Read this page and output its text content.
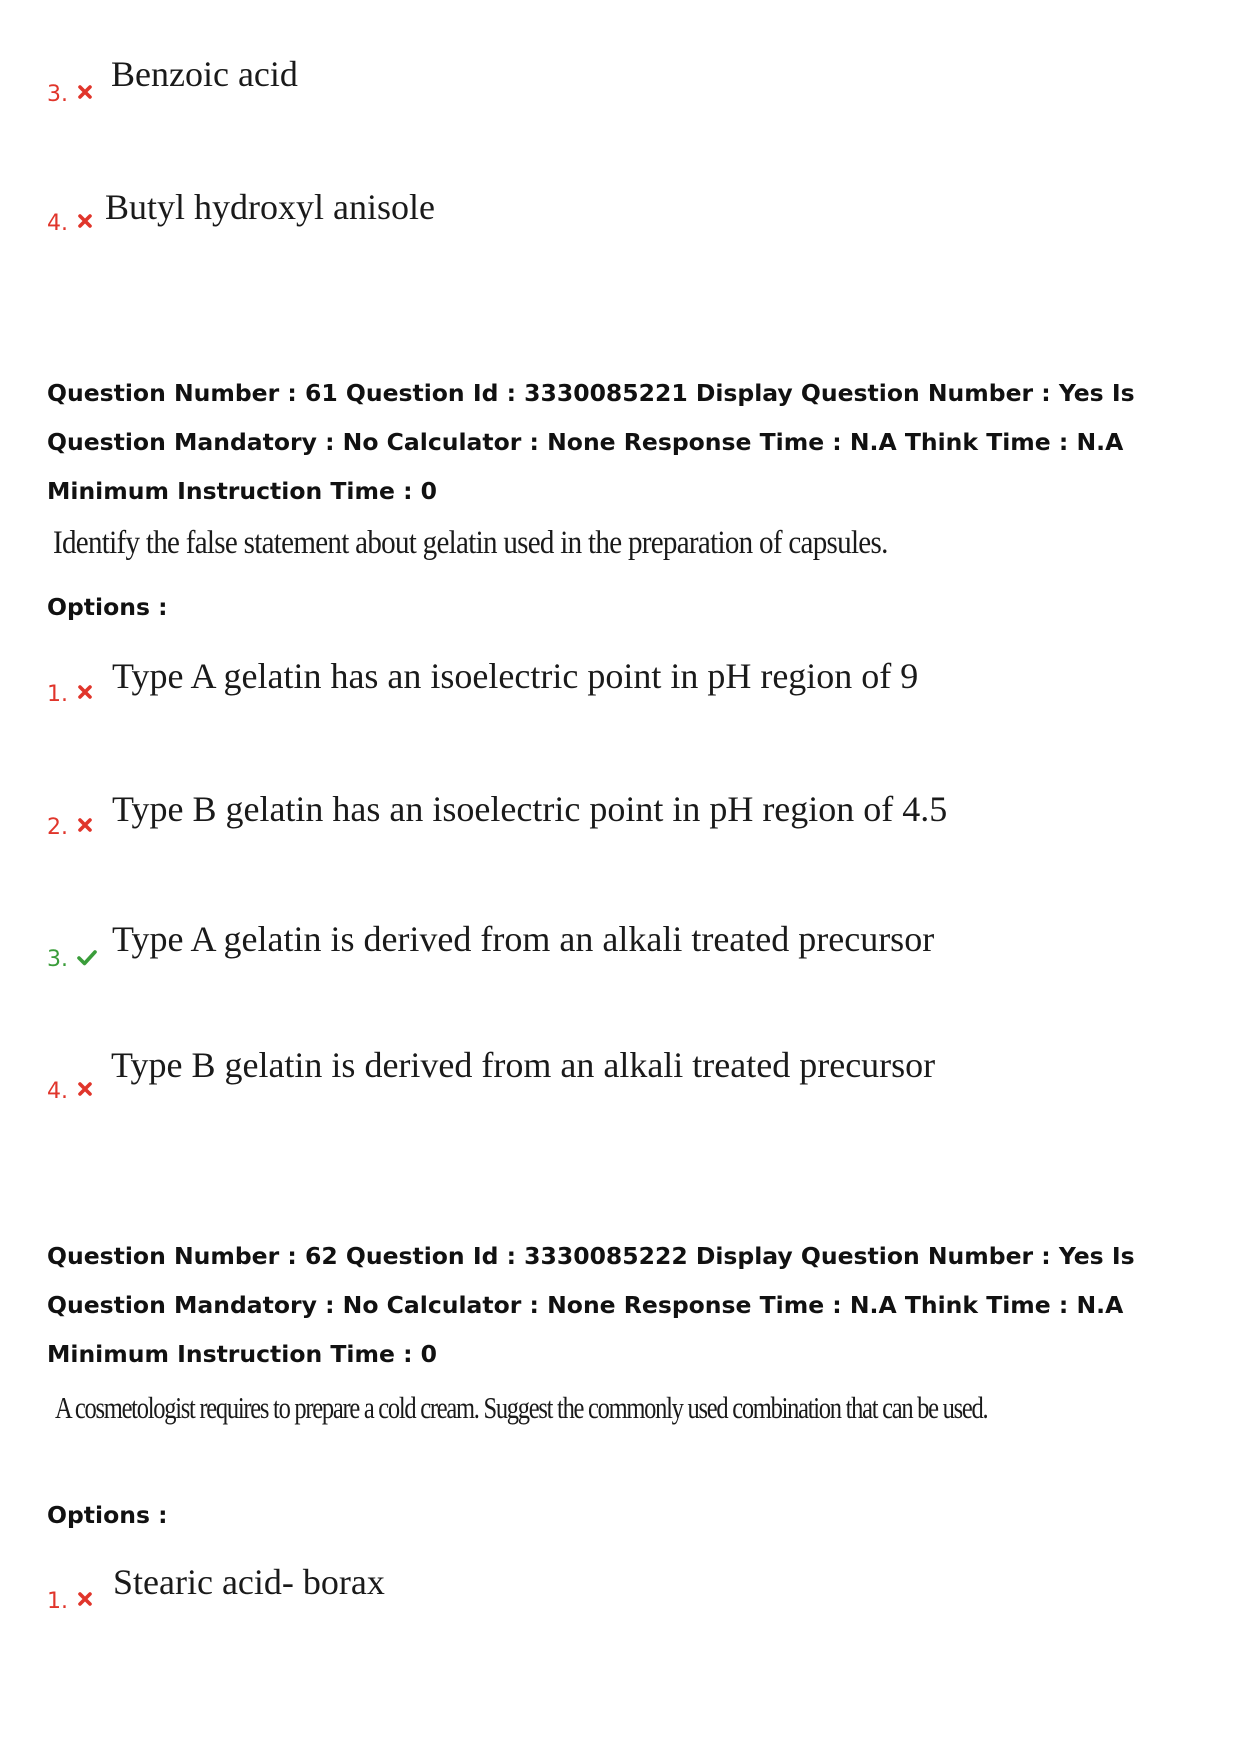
3.
Benzoic acid
4. Butyl hydroxyl anisole
Question Number : 61 Question Id : 3330085221 Display Question Number : Yes Is Question Mandatory : No Calculator : None Response Time : N.A Think Time : N.A Minimum Instruction Time : 0
Identify the false statement about gelatin used in the preparation of capsules.
Options :
1. Type A gelatin has an isoelectric point in pH region of 9
2. Type B gelatin has an isoelectric point in pH region of 4.5
3.
Type A gelatin is derived from an alkali treated precursor
4.
Type B gelatin is derived from an alkali treated precursor
Question Number : 62 Question Id : 3330085222 Display Question Number : Yes Is Question Mandatory : No Calculator : None Response Time : N.A Think Time : N.A Minimum Instruction Time : 0
A cosmetologist requires to prepare a cold cream. Suggest the commonly used combination that can be used.
Options :
1. Stearic acid- borax
